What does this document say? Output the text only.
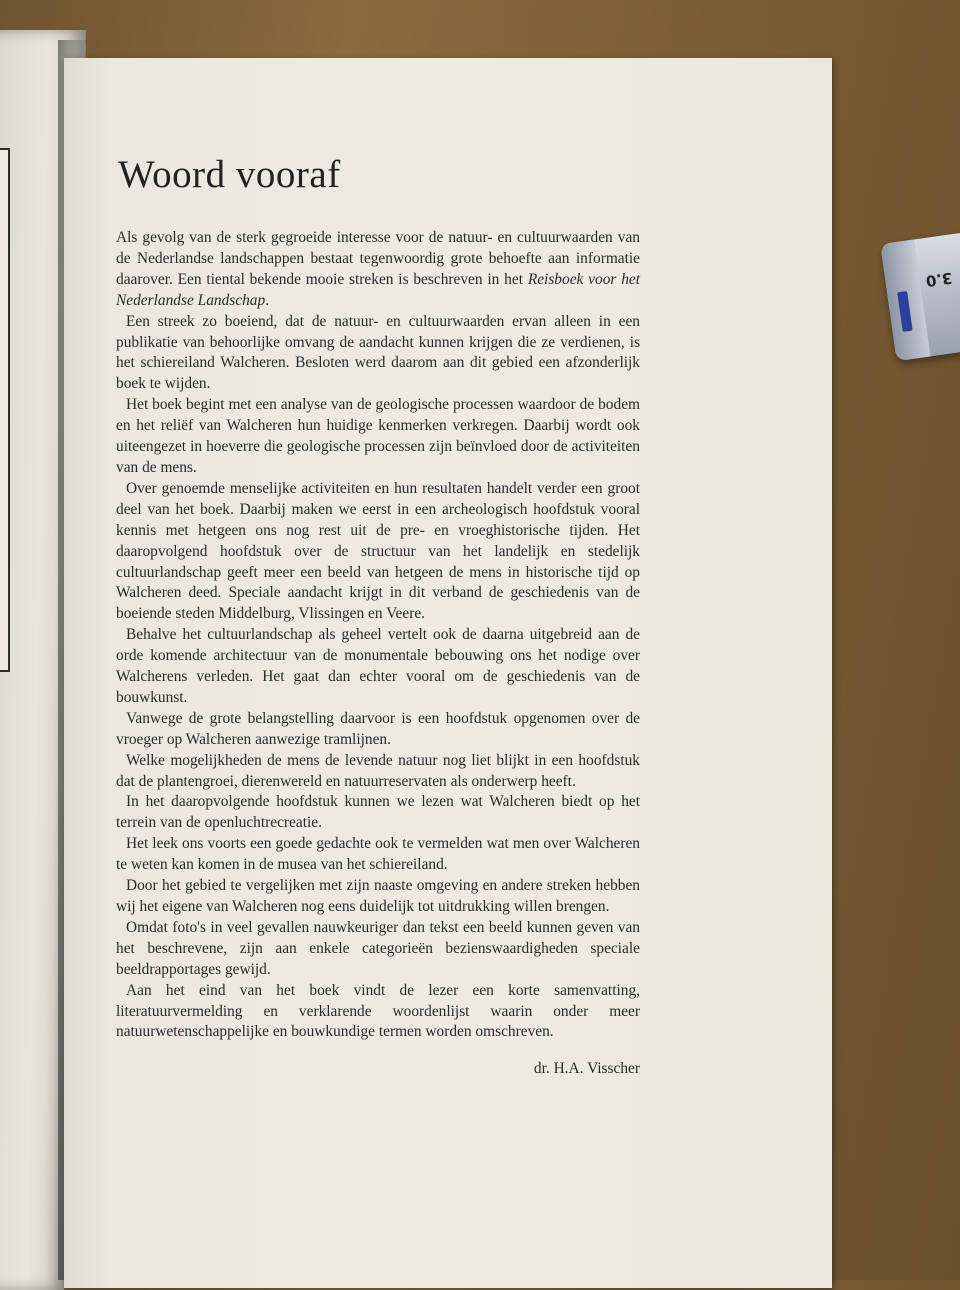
Woord vooraf

Als gevolg van de sterk gegroeide interesse voor de natuur- en cultuurwaarden van de Nederlandse landschappen bestaat tegenwoordig grote behoefte aan informatie daarover. Een tiental bekende mooie streken is beschreven in het Reisboek voor het Nederlandse Landschap.

Een streek zo boeiend, dat de natuur- en cultuurwaarden ervan alleen in een publikatie van behoorlijke omvang de aandacht kunnen krijgen die ze verdienen, is het schiereiland Walcheren. Besloten werd daarom aan dit gebied een afzonderlijk boek te wijden.

Het boek begint met een analyse van de geologische processen waardoor de bodem en het reliëf van Walcheren hun huidige kenmerken verkregen. Daarbij wordt ook uiteengezet in hoeverre die geologische processen zijn beïnvloed door de activiteiten van de mens.

Over genoemde menselijke activiteiten en hun resultaten handelt verder een groot deel van het boek. Daarbij maken we eerst in een archeologisch hoofdstuk vooral kennis met hetgeen ons nog rest uit de pre- en vroeghistorische tijden. Het daaropvolgend hoofdstuk over de structuur van het landelijk en stedelijk cultuurlandschap geeft meer een beeld van hetgeen de mens in historische tijd op Walcheren deed. Speciale aandacht krijgt in dit verband de geschiedenis van de boeiende steden Middelburg, Vlissingen en Veere.

Behalve het cultuurlandschap als geheel vertelt ook de daarna uitgebreid aan de orde komende architectuur van de monumentale bebouwing ons het nodige over Walcherens verleden. Het gaat dan echter vooral om de geschiedenis van de bouwkunst.

Vanwege de grote belangstelling daarvoor is een hoofdstuk opgenomen over de vroeger op Walcheren aanwezige tramlijnen.

Welke mogelijkheden de mens de levende natuur nog liet blijkt in een hoofdstuk dat de plantengroei, dierenwereld en natuurreservaten als onderwerp heeft.

In het daaropvolgende hoofdstuk kunnen we lezen wat Walcheren biedt op het terrein van de openluchtrecreatie.

Het leek ons voorts een goede gedachte ook te vermelden wat men over Walcheren te weten kan komen in de musea van het schiereiland.

Door het gebied te vergelijken met zijn naaste omgeving en andere streken hebben wij het eigene van Walcheren nog eens duidelijk tot uitdrukking willen brengen.

Omdat foto's in veel gevallen nauwkeuriger dan tekst een beeld kunnen geven van het beschrevene, zijn aan enkele categorieën bezienswaardigheden speciale beeldrapportages gewijd.

Aan het eind van het boek vindt de lezer een korte samenvatting, literatuurvermelding en verklarende woordenlijst waarin onder meer natuurwetenschappelijke en bouwkundige termen worden omschreven.

dr. H.A. Visscher
3.0
